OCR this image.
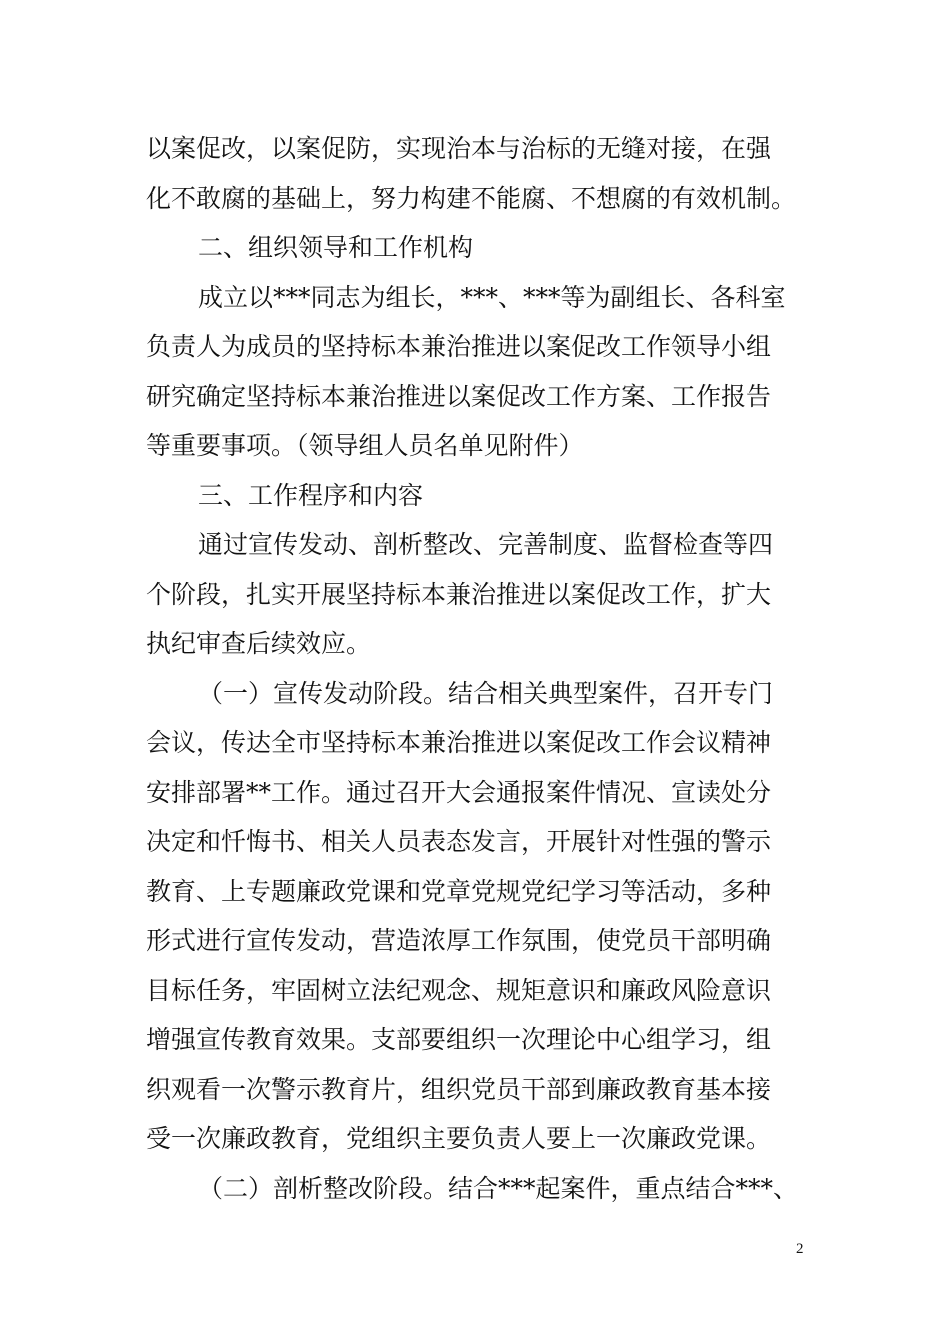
以案促改，以案促防，实现治本与治标的无缝对接，在强
化不敢腐的基础上，努力构建不能腐、不想腐的有效机制。
二、组织领导和工作机构
成立以***同志为组长，***、***等为副组长、各科室
负责人为成员的坚持标本兼治推进以案促改工作领导小组
研究确定坚持标本兼治推进以案促改工作方案、工作报告
等重要事项。（领导组人员名单见附件）
三、工作程序和内容
通过宣传发动、剖析整改、完善制度、监督检查等四
个阶段，扎实开展坚持标本兼治推进以案促改工作，扩大
执纪审查后续效应。
（一）宣传发动阶段。结合相关典型案件，召开专门
会议，传达全市坚持标本兼治推进以案促改工作会议精神
安排部署**工作。通过召开大会通报案件情况、宣读处分
决定和忏悔书、相关人员表态发言，开展针对性强的警示
教育、上专题廉政党课和党章党规党纪学习等活动，多种
形式进行宣传发动，营造浓厚工作氛围，使党员干部明确
目标任务，牢固树立法纪观念、规矩意识和廉政风险意识
增强宣传教育效果。支部要组织一次理论中心组学习，组
织观看一次警示教育片，组织党员干部到廉政教育基本接
受一次廉政教育，党组织主要负责人要上一次廉政党课。
（二）剖析整改阶段。结合***起案件，重点结合***、
2
